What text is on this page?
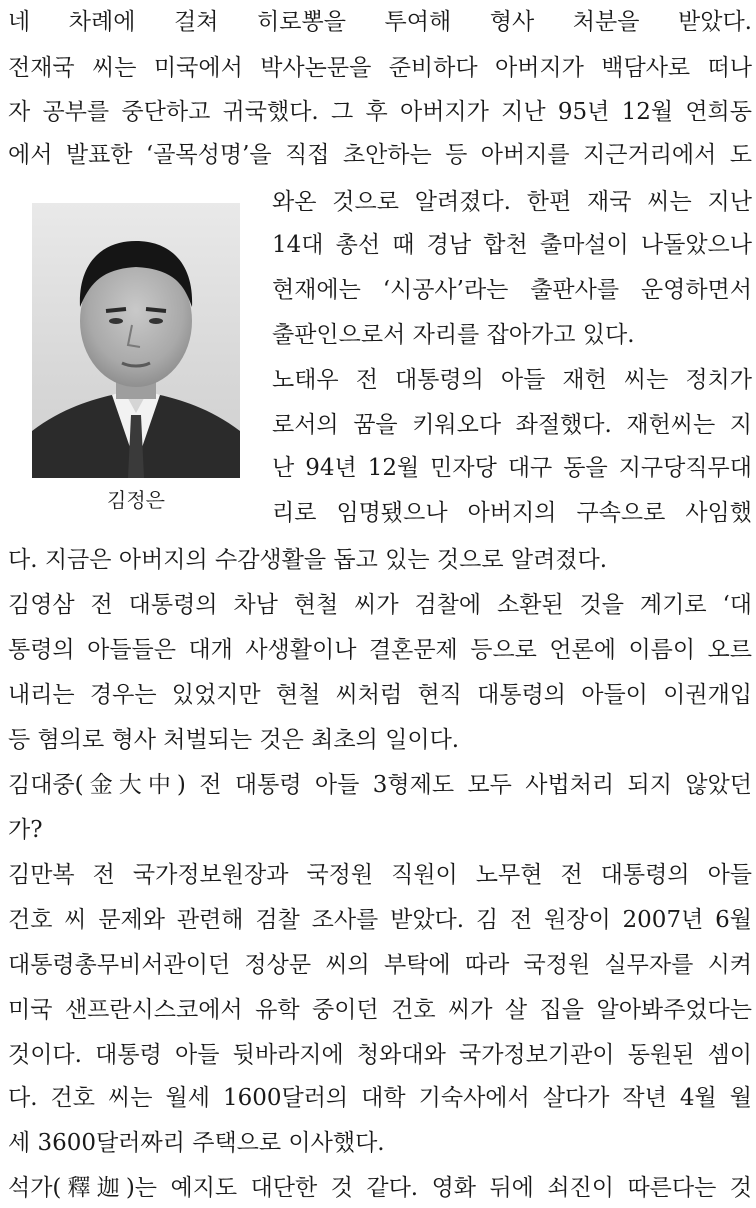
네 차례에 걸쳐 히로뽕을 투여해 형사 처분을 받았다.
전재국 씨는 미국에서 박사논문을 준비하다 아버지가 백담사로 떠나
자 공부를 중단하고 귀국했다. 그 후 아버지가 지난 95년 12월 연희동
에서 발표한 ‘골목성명’을 직접 초안하는 등 아버지를 지근거리에서 도
와온 것으로 알려졌다. 한편 재국 씨는 지난
14대 총선 때 경남 합천 출마설이 나돌았으나
현재에는 ‘시공사’라는 출판사를 운영하면서
출판인으로서 자리를 잡아가고 있다.
노태우 전 대통령의 아들 재헌 씨는 정치가
로서의 꿈을 키워오다 좌절했다. 재헌씨는 지
난 94년 12월 민자당 대구 동을 지구당직무대
리로 임명됐으나 아버지의 구속으로 사임했
다. 지금은 아버지의 수감생활을 돕고 있는 것으로 알려졌다.
김영삼 전 대통령의 차남 현철 씨가 검찰에 소환된 것을 계기로 ‘대
통령의 아들들은 대개 사생활이나 결혼문제 등으로 언론에 이름이 오르
내리는 경우는 있었지만 현철 씨처럼 현직 대통령의 아들이 이권개입
등 혐의로 형사 처벌되는 것은 최초의 일이다.
김대중(金大中) 전 대통령 아들 3형제도 모두 사법처리 되지 않았던
가?
김만복 전 국가정보원장과 국정원 직원이 노무현 전 대통령의 아들
건호 씨 문제와 관련해 검찰 조사를 받았다. 김 전 원장이 2007년 6월
대통령총무비서관이던 정상문 씨의 부탁에 따라 국정원 실무자를 시켜
미국 샌프란시스코에서 유학 중이던 건호 씨가 살 집을 알아봐주었다는
것이다. 대통령 아들 뒷바라지에 청와대와 국가정보기관이 동원된 셈이
다. 건호 씨는 월세 1600달러의 대학 기숙사에서 살다가 작년 4월 월
세 3600달러짜리 주택으로 이사했다.
석가(釋迦)는 예지도 대단한 것 같다. 영화 뒤에 쇠진이 따른다는 것
김정은
